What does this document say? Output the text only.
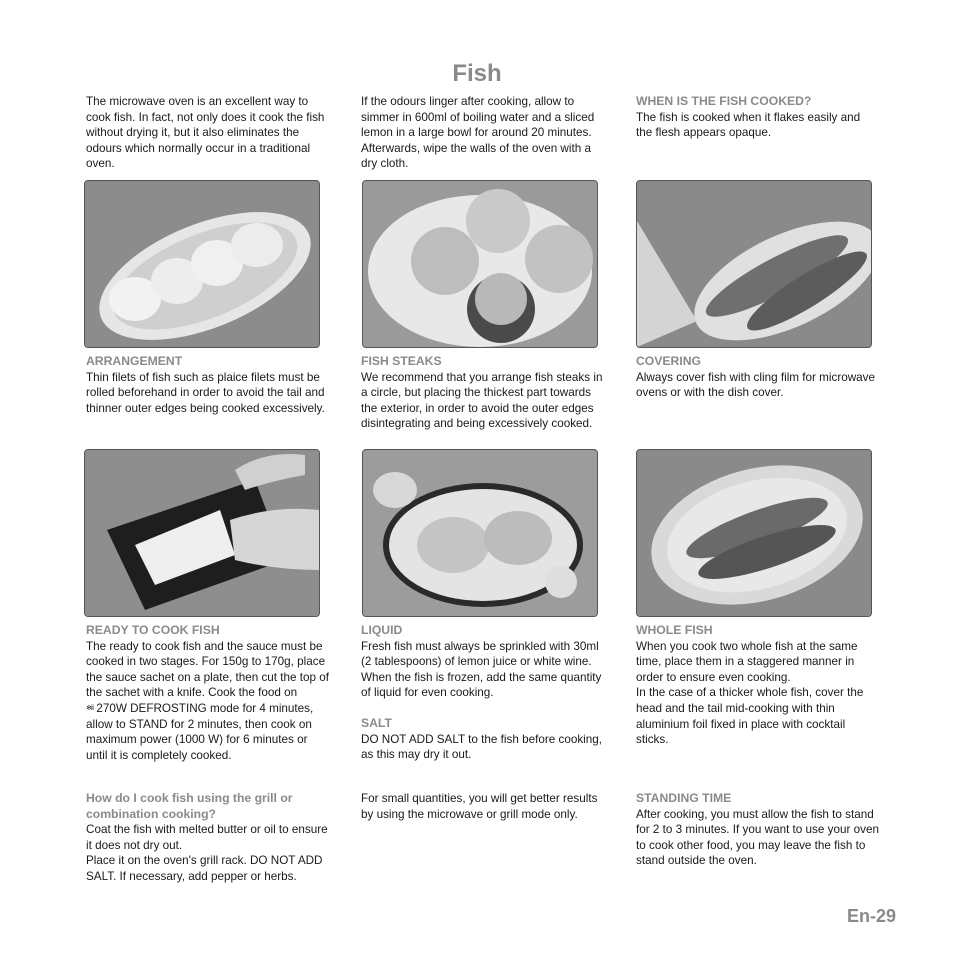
Fish

The microwave oven is an excellent way to

cook fish. In fact, not only does it cook the fish

without drying it, but it also eliminates the

odours which normally occur in a traditional

oven.

If the odours linger after cooking, allow to

simmer in 600ml of boiling water and a sliced

lemon in a large bowl for around 20 minutes.

Afterwards, wipe the walls of the oven with a

dry cloth.

WHEN IS THE FISH COOKED?

The fish is cooked when it flakes easily and

the flesh appears opaque.

ARRANGEMENT

Thin filets of fish such as plaice filets must be

rolled beforehand in order to avoid the tail and

thinner outer edges being cooked excessively.

FISH STEAKS

We recommend that you arrange fish steaks in

a circle, but placing the thickest part towards

the exterior, in order to avoid the outer edges

disintegrating and being excessively cooked.

COVERING

Always cover fish with cling film for microwave

ovens or with the dish cover.

READY TO COOK FISH

The ready to cook fish and the sauce must be

cooked in two stages. For 150g to 170g, place

the sauce sachet on a plate, then cut the top of

the sachet with a knife. Cook the food on

❄ⅱ 270W DEFROSTING mode for 4 minutes,

allow to STAND for 2 minutes, then cook on

maximum power (1000 W) for 6 minutes or

until it is completely cooked.

LIQUID

Fresh fish must always be sprinkled with 30ml

(2 tablespoons) of lemon juice or white wine.

When the fish is frozen, add the same quantity

of liquid for even cooking.

SALT

DO NOT ADD SALT to the fish before cooking,

as this may dry it out.

WHOLE FISH

When you cook two whole fish at the same

time, place them in a staggered manner in

order to ensure even cooking.

In the case of a thicker whole fish, cover the

head and the tail mid-cooking with thin

aluminium foil fixed in place with cocktail

sticks.

How do I cook fish using the grill or

combination cooking?

Coat the fish with melted butter or oil to ensure

it does not dry out.

Place it on the oven's grill rack. DO NOT ADD

SALT. If necessary, add pepper or herbs.

For small quantities, you will get better results

by using the microwave or grill mode only.

STANDING TIME

After cooking, you must allow the fish to stand

for 2 to 3 minutes. If you want to use your oven

to cook other food, you may leave the fish to

stand outside the oven.

En-29
